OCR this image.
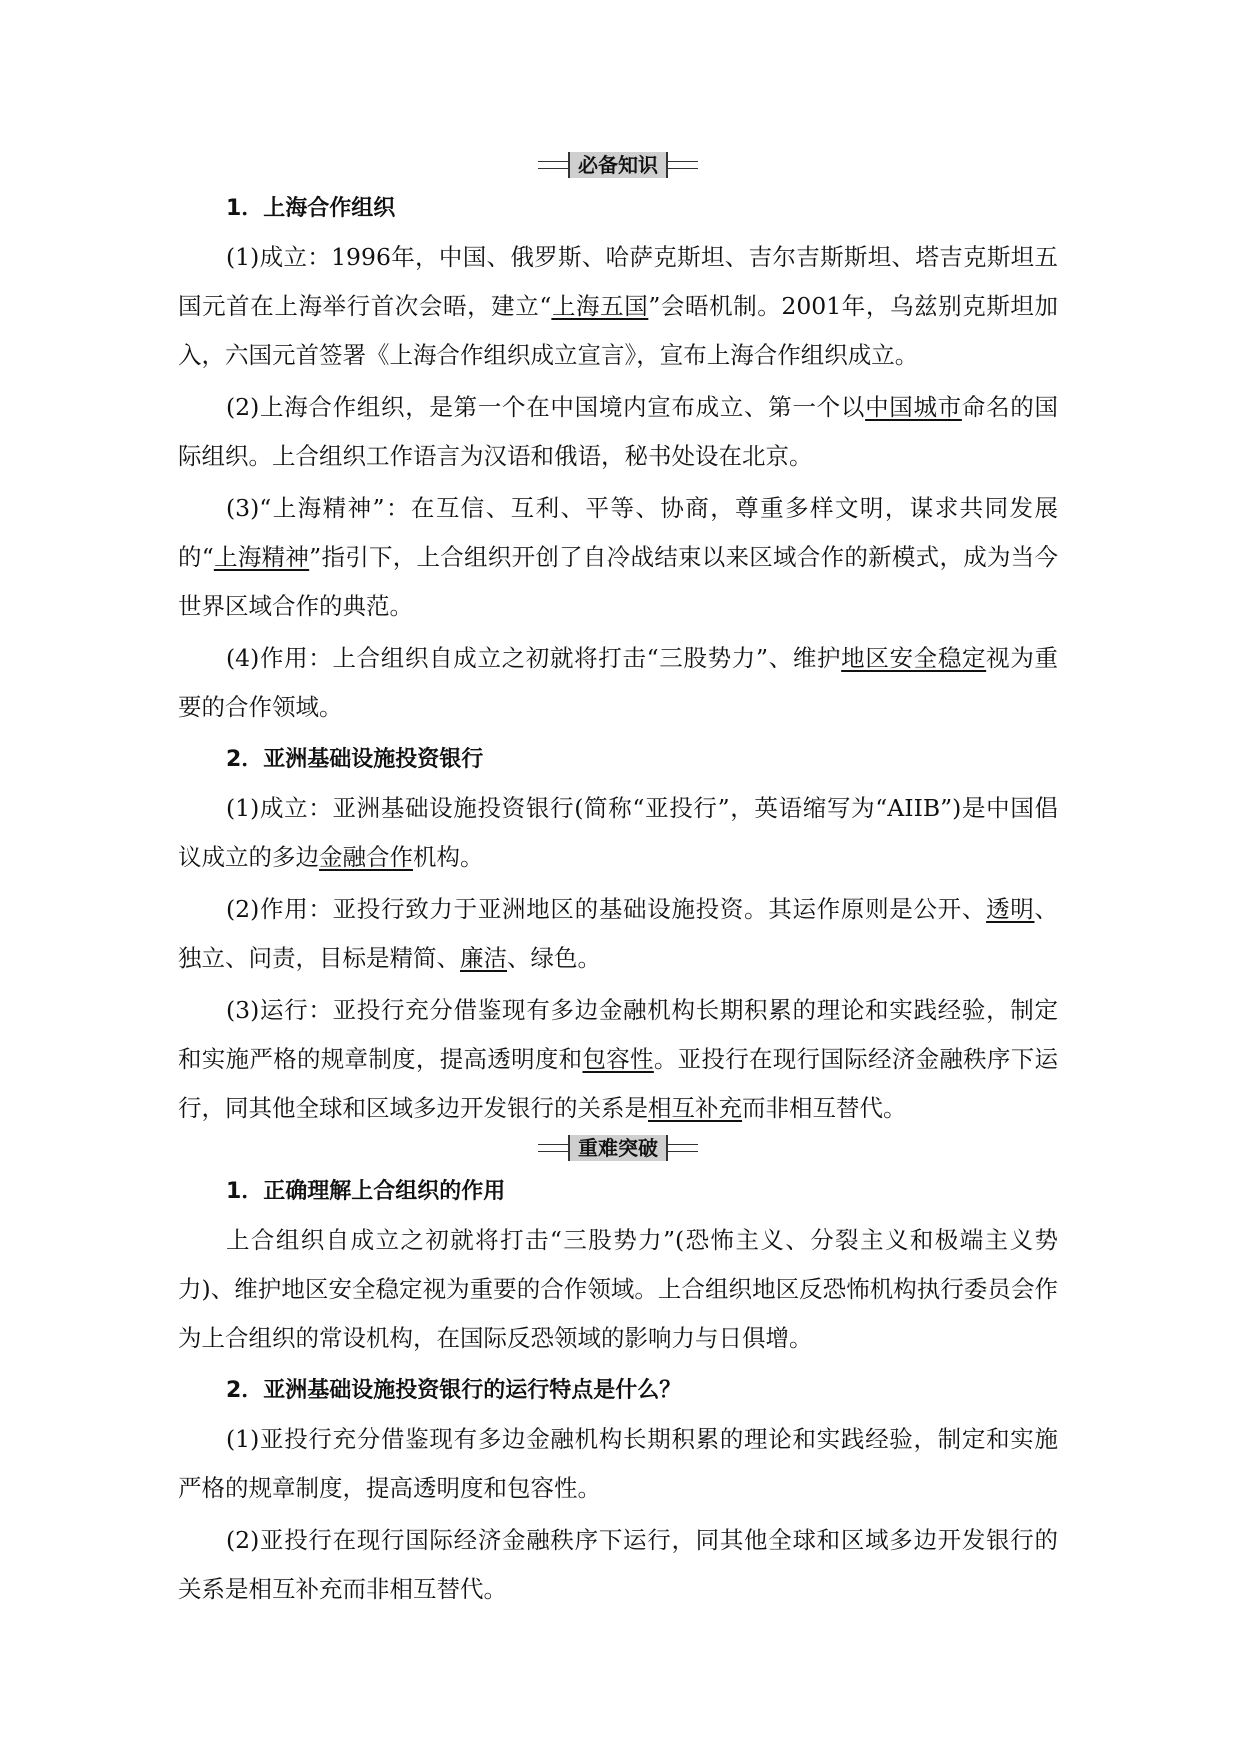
必备知识
1．上海合作组织

(1)成立：1996年，中国、俄罗斯、哈萨克斯坦、吉尔吉斯斯坦、塔吉克斯坦五国元首在上海举行首次会晤，建立“上海五国”会晤机制。2001年，乌兹别克斯坦加入，六国元首签署《上海合作组织成立宣言》，宣布上海合作组织成立。

(2)上海合作组织，是第一个在中国境内宣布成立、第一个以中国城市命名的国际组织。上合组织工作语言为汉语和俄语，秘书处设在北京。

(3)“上海精神”：在互信、互利、平等、协商，尊重多样文明，谋求共同发展的“上海精神”指引下，上合组织开创了自冷战结束以来区域合作的新模式，成为当今世界区域合作的典范。

(4)作用：上合组织自成立之初就将打击“三股势力”、维护地区安全稳定视为重要的合作领域。

2．亚洲基础设施投资银行

(1)成立：亚洲基础设施投资银行(简称“亚投行”，英语缩写为“AIIB”)是中国倡议成立的多边金融合作机构。

(2)作用：亚投行致力于亚洲地区的基础设施投资。其运作原则是公开、透明、独立、问责，目标是精简、廉洁、绿色。

(3)运行：亚投行充分借鉴现有多边金融机构长期积累的理论和实践经验，制定和实施严格的规章制度，提高透明度和包容性。亚投行在现行国际经济金融秩序下运行，同其他全球和区域多边开发银行的关系是相互补充而非相互替代。

重难突破
1．正确理解上合组织的作用

上合组织自成立之初就将打击“三股势力”(恐怖主义、分裂主义和极端主义势力)、维护地区安全稳定视为重要的合作领域。上合组织地区反恐怖机构执行委员会作为上合组织的常设机构，在国际反恐领域的影响力与日俱增。

2．亚洲基础设施投资银行的运行特点是什么？

(1)亚投行充分借鉴现有多边金融机构长期积累的理论和实践经验，制定和实施严格的规章制度，提高透明度和包容性。

(2)亚投行在现行国际经济金融秩序下运行，同其他全球和区域多边开发银行的关系是相互补充而非相互替代。
